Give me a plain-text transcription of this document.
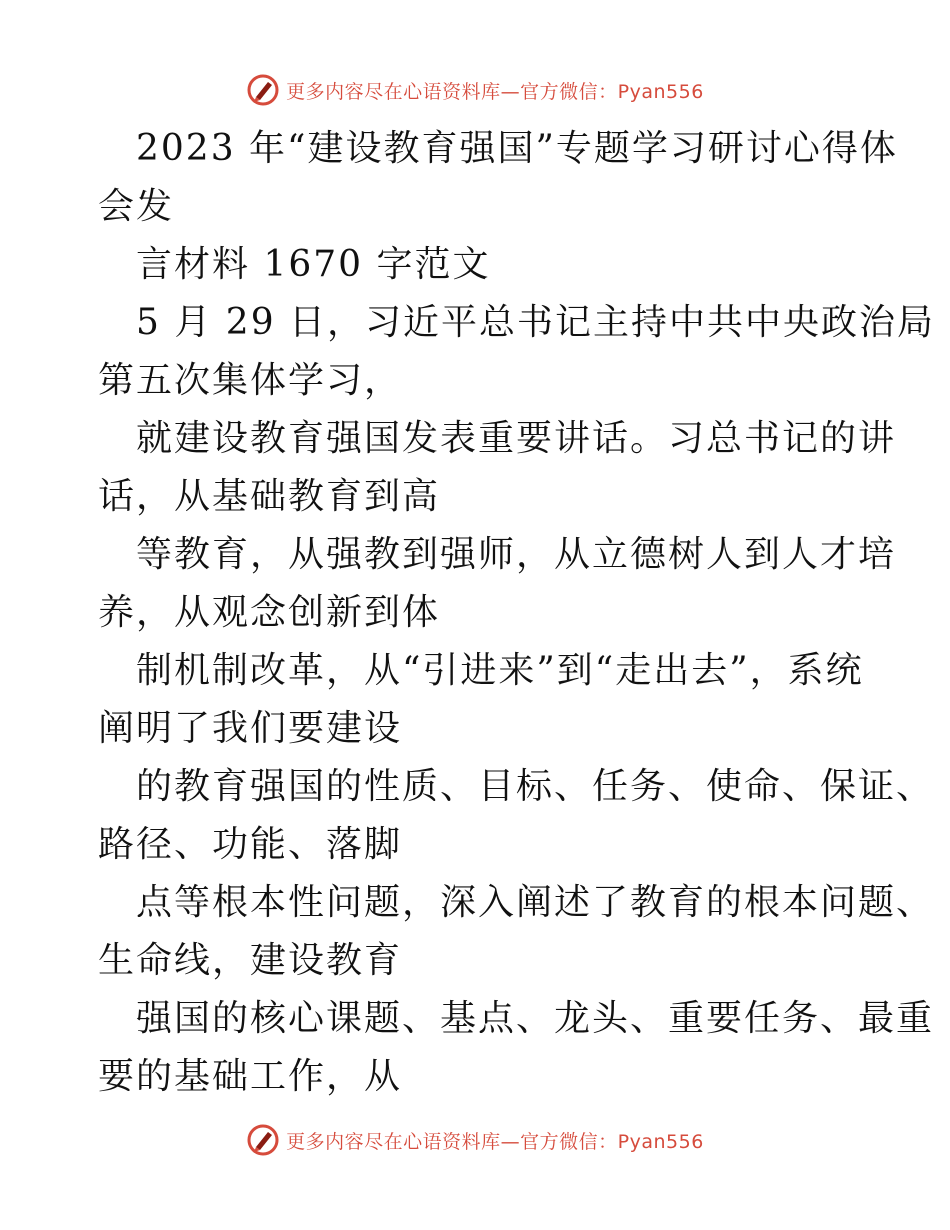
更多内容尽在心语资料库—官方微信：Pyan556
2023 年“建设教育强国”专题学习研讨心得体
会发
言材料 1670 字范文
5 月 29 日，习近平总书记主持中共中央政治局
第五次集体学习，
就建设教育强国发表重要讲话。习总书记的讲
话，从基础教育到高
等教育，从强教到强师，从立德树人到人才培
养，从观念创新到体
制机制改革，从“引进来”到“走出去”，系统
阐明了我们要建设
的教育强国的性质、目标、任务、使命、保证、
路径、功能、落脚
点等根本性问题，深入阐述了教育的根本问题、
生命线，建设教育
强国的核心课题、基点、龙头、重要任务、最重
要的基础工作，从
更多内容尽在心语资料库—官方微信：Pyan556
